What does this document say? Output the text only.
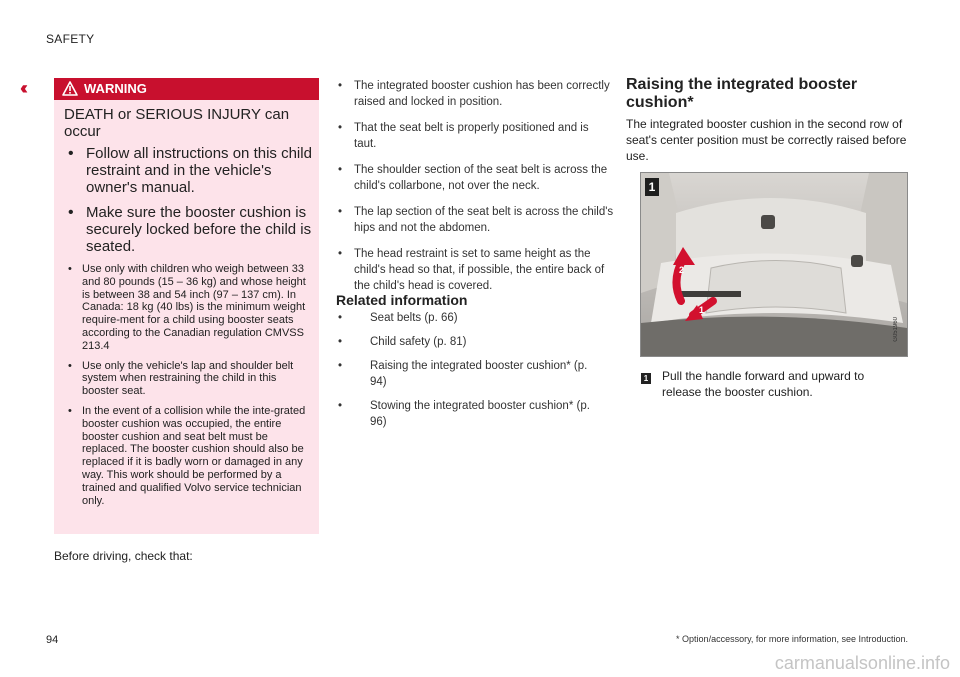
SAFETY
‹‹	WARNING
DEATH or SERIOUS INJURY can occur
• Follow all instructions on this child restraint and in the vehicle's owner's manual.
• Make sure the booster cushion is securely locked before the child is seated.
• Use only with children who weigh between 33 and 80 pounds (15 – 36 kg) and whose height is between 38 and 54 inch (97 – 137 cm). In Canada: 18 kg (40 lbs) is the minimum weight require-ment for a child using booster seats according to the Canadian regulation CMVSS 213.4
• Use only the vehicle's lap and shoulder belt system when restraining the child in this booster seat.
• In the event of a collision while the inte-grated booster cushion was occupied, the entire booster cushion and seat belt must be replaced. The booster cushion should also be replaced if it is badly worn or damaged in any way. This work should be performed by a trained and qualified Volvo service technician only.
Before driving, check that:
• The integrated booster cushion has been correctly raised and locked in position.
• That the seat belt is properly positioned and is taut.
• The shoulder section of the seat belt is across the child's collarbone, not over the neck.
• The lap section of the seat belt is across the child's hips and not the abdomen.
• The head restraint is set to same height as the child's head so that, if possible, the entire back of the child's head is covered.
Related information
• Seat belts (p. 66)
• Child safety (p. 81)
• Raising the integrated booster cushion* (p. 94)
• Stowing the integrated booster cushion* (p. 96)
Raising the integrated booster cushion*
The integrated booster cushion in the second row of seat's center position must be correctly raised before use.
2
1
1
G051960
1 Pull the handle forward and upward to release the booster cushion.
94	* Option/accessory, for more information, see Introduction.
carmanualsonline.info
